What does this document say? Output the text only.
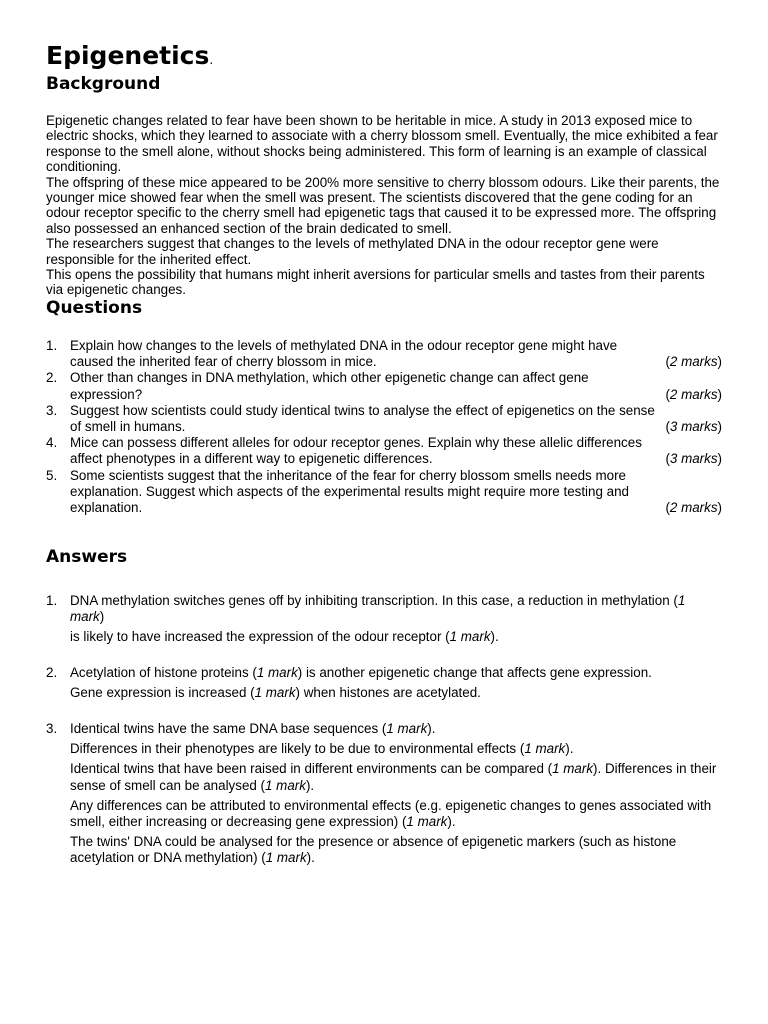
Epigenetics.
Background

Epigenetic changes related to fear have been shown to be heritable in mice. A study in 2013 exposed mice to electric shocks, which they learned to associate with a cherry blossom smell. Eventually, the mice exhibited a fear response to the smell alone, without shocks being administered. This form of learning is an example of classical conditioning.

The offspring of these mice appeared to be 200% more sensitive to cherry blossom odours. Like their parents, the younger mice showed fear when the smell was present. The scientists discovered that the gene coding for an odour receptor specific to the cherry smell had epigenetic tags that caused it to be expressed more. The offspring also possessed an enhanced section of the brain dedicated to smell.

The researchers suggest that changes to the levels of methylated DNA in the odour receptor gene were responsible for the inherited effect.

This opens the possibility that humans might inherit aversions for particular smells and tastes from their parents via epigenetic changes.

Questions
1. Explain how changes to the levels of methylated DNA in the odour receptor gene might have
caused the inherited fear of cherry blossom in mice.	(2 marks)
2. Other than changes in DNA methylation, which other epigenetic change can affect gene
expression?	(2 marks)
3. Suggest how scientists could study identical twins to analyse the effect of epigenetics on the sense
of smell in humans.	(3 marks)
4. Mice can possess different alleles for odour receptor genes. Explain why these allelic differences
affect phenotypes in a different way to epigenetic differences.	(3 marks)
5. Some scientists suggest that the inheritance of the fear for cherry blossom smells needs more
explanation. Suggest which aspects of the experimental results might require more testing and
explanation.	(2 marks)
Answers
1. DNA methylation switches genes off by inhibiting transcription. In this case, a reduction in methylation (1 mark)

is likely to have increased the expression of the odour receptor (1 mark).

2. Acetylation of histone proteins (1 mark) is another epigenetic change that affects gene expression.

Gene expression is increased (1 mark) when histones are acetylated.

3. Identical twins have the same DNA base sequences (1 mark).

Differences in their phenotypes are likely to be due to environmental effects (1 mark).

Identical twins that have been raised in different environments can be compared (1 mark). Differences in their sense of smell can be analysed (1 mark).

Any differences can be attributed to environmental effects (e.g. epigenetic changes to genes associated with smell, either increasing or decreasing gene expression) (1 mark).

The twins' DNA could be analysed for the presence or absence of epigenetic markers (such as histone acetylation or DNA methylation) (1 mark).
